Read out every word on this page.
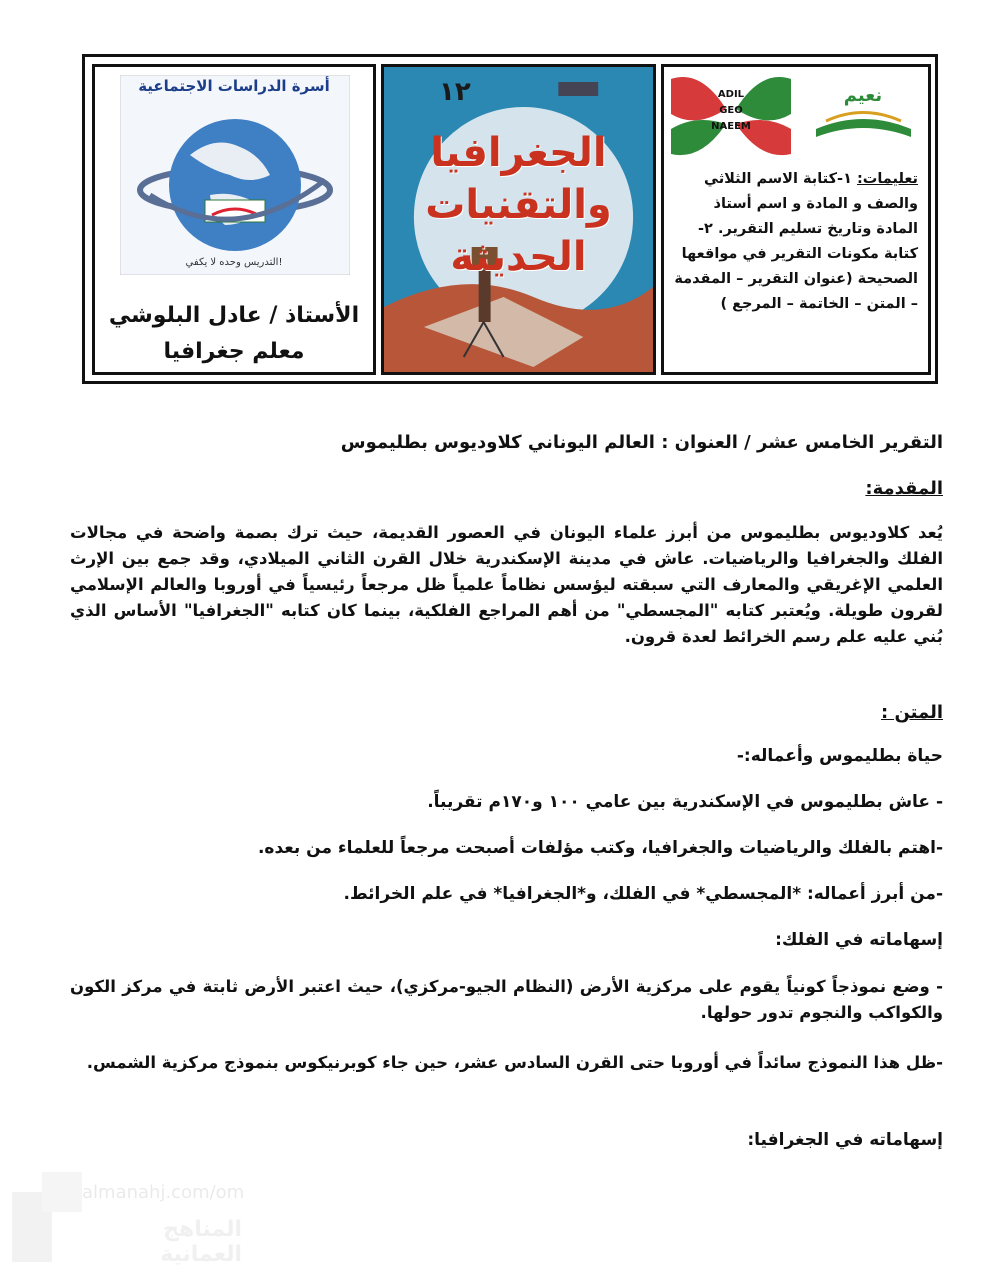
أسرة الدراسات الاجتماعية
التدريس وحده لا يكفي!
الأستاذ / عادل البلوشي
معلم جغرافيا
١٢
الجغرافيا
والتقنيات
الحديثة
ADIL
GEO
NAEEM
نعيم
تعليمات: ١-كتابة الاسم الثلاثي والصف و المادة و اسم أستاذ المادة وتاريخ تسليم التقرير. ٢-كتابة مكونات التقرير في مواقعها الصحيحة (عنوان التقرير – المقدمة – المتن – الخاتمة – المرجع )
التقرير الخامس عشر / العنوان : العالم اليوناني كلاوديوس بطليموس
المقدمة:
يُعد كلاوديوس بطليموس من أبرز علماء اليونان في العصور القديمة، حيث ترك بصمة واضحة في مجالات الفلك والجغرافيا والرياضيات. عاش في مدينة الإسكندرية خلال القرن الثاني الميلادي، وقد جمع بين الإرث العلمي الإغريقي والمعارف التي سبقته ليؤسس نظاماً علمياً ظل مرجعاً رئيسياً في أوروبا والعالم الإسلامي لقرون طويلة. ويُعتبر كتابه "المجسطي" من أهم المراجع الفلكية، بينما كان كتابه "الجغرافيا" الأساس الذي بُني عليه علم رسم الخرائط لعدة قرون.
المتن :
حياة بطليموس وأعماله:-
- عاش بطليموس في الإسكندرية بين عامي ١٠٠ و١٧٠م تقريباً.
-اهتم بالفلك والرياضيات والجغرافيا، وكتب مؤلفات أصبحت مرجعاً للعلماء من بعده.
-من أبرز أعماله: *المجسطي* في الفلك، و*الجغرافيا* في علم الخرائط.
إسهاماته في الفلك:
- وضع نموذجاً كونياً يقوم على مركزية الأرض (النظام الجيو-مركزي)، حيث اعتبر الأرض ثابتة في مركز الكون والكواكب والنجوم تدور حولها.
-ظل هذا النموذج سائداً في أوروبا حتى القرن السادس عشر، حين جاء كوبرنيكوس بنموذج مركزية الشمس.
إسهاماته في الجغرافيا:
almanahj.com/om
المناهج العمانية
